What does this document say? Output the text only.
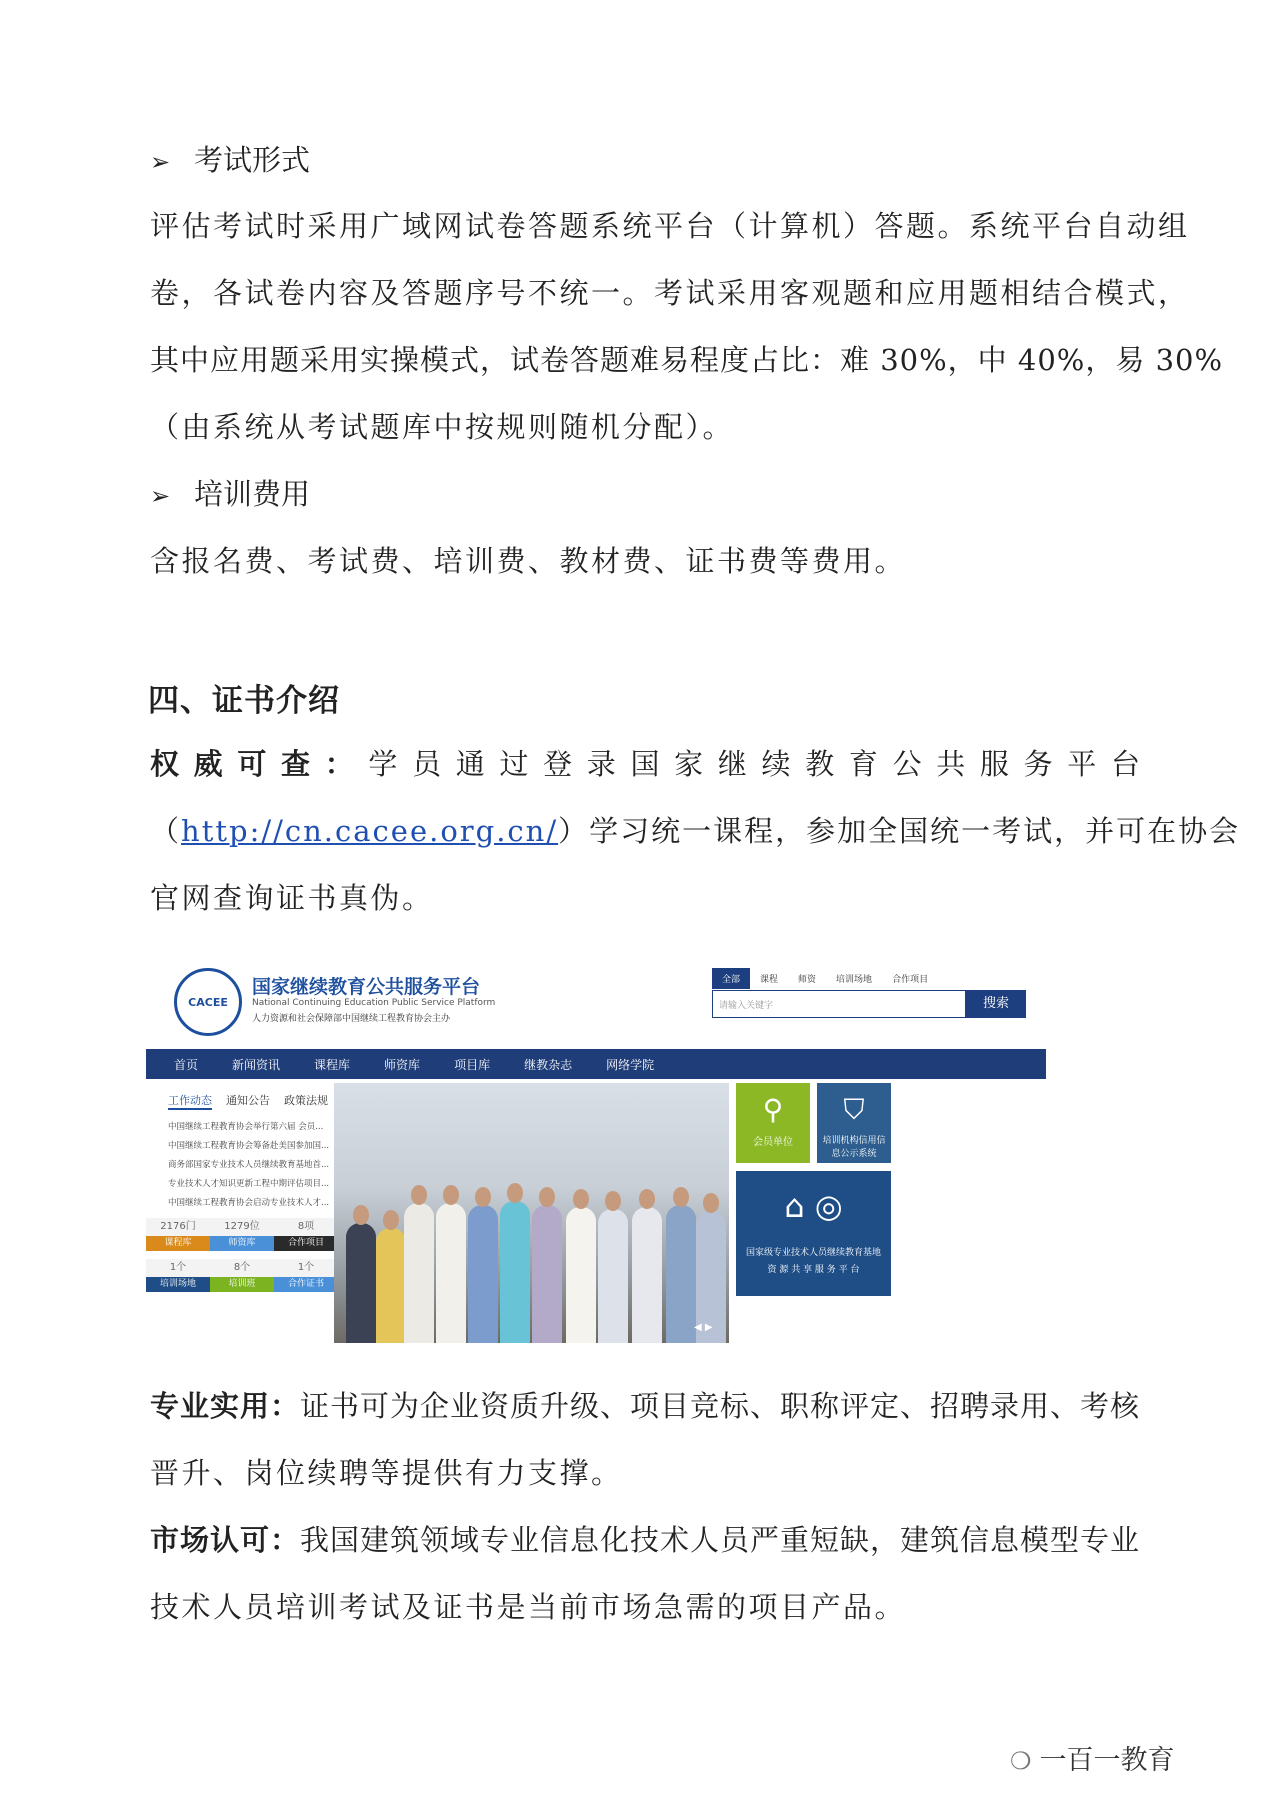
➢ 考试形式
评估考试时采用广域网试卷答题系统平台（计算机）答题。系统平台自动组
卷，各试卷内容及答题序号不统一。考试采用客观题和应用题相结合模式，
其中应用题采用实操模式，试卷答题难易程度占比：难 30%，中 40%，易 30%
（由系统从考试题库中按规则随机分配）。
➢ 培训费用
含报名费、考试费、培训费、教材费、证书费等费用。
四、证书介绍
权威可查：学员通过登录国家继续教育公共服务平台
（http://cn.cacee.org.cn/）学习统一课程，参加全国统一考试，并可在协会
官网查询证书真伪。
CACEE
国家继续教育公共服务平台
National Continuing Education Public Service Platform
人力资源和社会保障部中国继续工程教育协会主办
全部	课程	师资	培训场地	合作项目
请输入关键字	搜索
首页	新闻资讯	课程库	师资库	项目库	继教杂志	网络学院
工作动态 通知公告 政策法规
中国继续工程教育协会举行第六届 会员...
中国继续工程教育协会筹备赴美国参加国...
商务部国家专业技术人员继续教育基地首...
专业技术人才知识更新工程中期评估项目...
中国继续工程教育协会启动专业技术人才...
2176门
课程库
1279位
师资库
8项
合作项目
1个
培训场地
8个
培训班
1个
合作证书
◀ ▶
⚲
会员单位
⛉
培训机构信用信息公示系统
⌂ ◎
国家级专业技术人员继续教育基地
资 源 共 享 服 务 平 台
专业实用：证书可为企业资质升级、项目竞标、职称评定、招聘录用、考核
晋升、岗位续聘等提供有力支撑。
市场认可：我国建筑领域专业信息化技术人员严重短缺，建筑信息模型专业
技术人员培训考试及证书是当前市场急需的项目产品。
❍ 一百一教育
